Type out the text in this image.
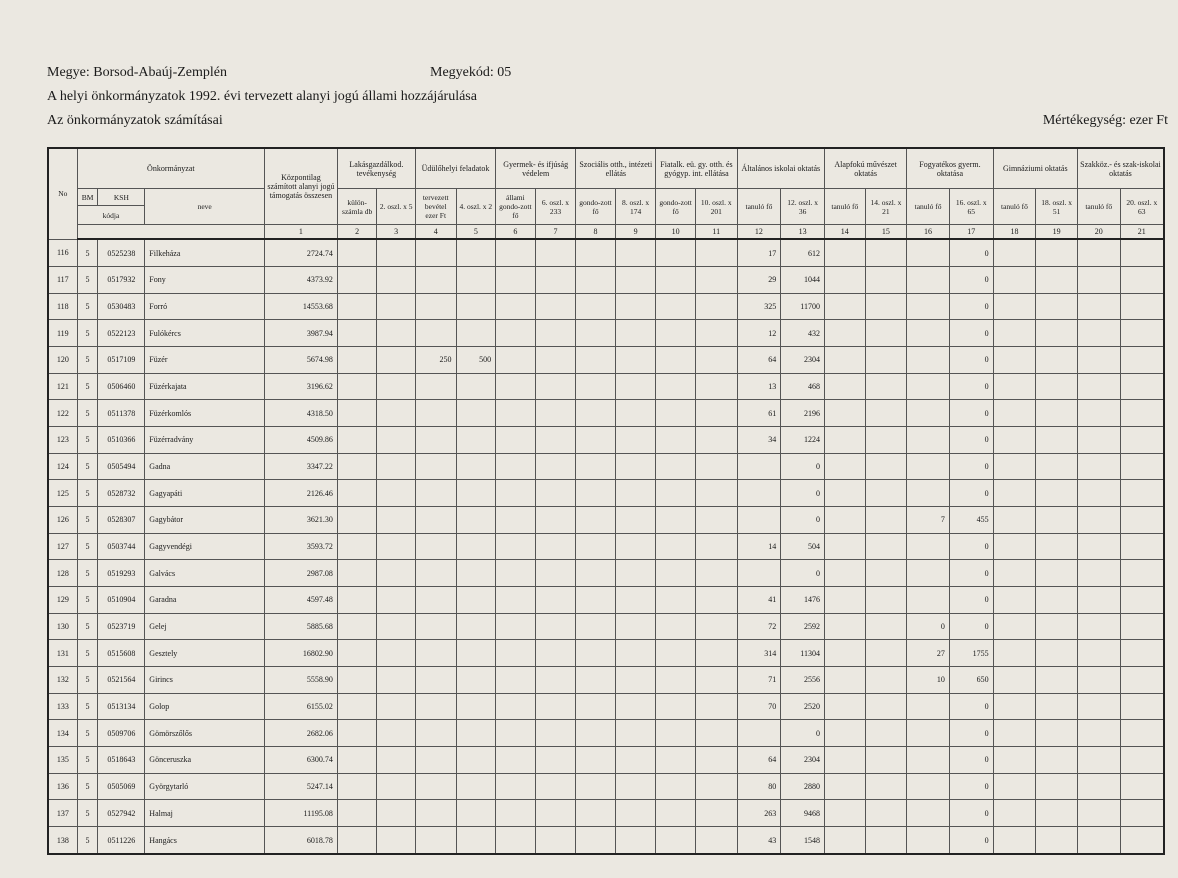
Megye: Borsod-Abaúj-Zemplén	Megyekód: 05
A helyi önkormányzatok 1992. évi tervezett alanyi jogú állami hozzájárulása
Az önkormányzatok számításai	Mértékegység: ezer Ft
No	Önkormányzat			Központilag számított alanyi jogú támogatás összesen	Lakásgazdálkod. tevékenység		Üdülőhelyi feladatok		Gyermek- és ifjúság védelem		Szociális otth., intézeti ellátás		Fiatalk. eü. gy. otth. és gyógyp. int. ellátása		Általános iskolai oktatás		Alapfokú művészet oktatás		Fogyatékos gyerm. oktatása		Gimnáziumi oktatás		Szakköz.- és szak-iskolai oktatás	
	BM	KSH	neve		külön-számla db	2. oszl. x 5	tervezett bevétel ezer Ft	4. oszl. x 2	állami gondo-zott fő	6. oszl. x 233	gondo-zott fő	8. oszl. x 174	gondo-zott fő	10. oszl. x 201	tanuló fő	12. oszl. x 36	tanuló fő	14. oszl. x 21	tanuló fő	16. oszl. x 65	tanuló fő	18. oszl. x 51	tanuló fő	20. oszl. x 63
	kódja																							
				1	2	3	4	5	6	7	8	9	10	11	12	13	14	15	16	17	18	19	20	21
116	5	0525238	Filkeháza	2724.74											17	612				0				
117	5	0517932	Fony	4373.92											29	1044				0				
118	5	0530483	Forró	14553.68											325	11700				0				
119	5	0522123	Fulókércs	3987.94											12	432				0				
120	5	0517109	Füzér	5674.98			250	500							64	2304				0				
121	5	0506460	Füzérkajata	3196.62											13	468				0				
122	5	0511378	Füzérkomlós	4318.50											61	2196				0				
123	5	0510366	Füzérradvány	4509.86											34	1224				0				
124	5	0505494	Gadna	3347.22												0				0				
125	5	0528732	Gagyapáti	2126.46												0				0				
126	5	0528307	Gagybátor	3621.30												0			7	455				
127	5	0503744	Gagyvendégi	3593.72											14	504				0				
128	5	0519293	Galvács	2987.08												0				0				
129	5	0510904	Garadna	4597.48											41	1476				0				
130	5	0523719	Gelej	5885.68											72	2592			0	0				
131	5	0515608	Gesztely	16802.90											314	11304			27	1755				
132	5	0521564	Girincs	5558.90											71	2556			10	650				
133	5	0513134	Golop	6155.02											70	2520				0				
134	5	0509706	Gömörszőlős	2682.06												0				0				
135	5	0518643	Gönceruszka	6300.74											64	2304				0				
136	5	0505069	Györgytarló	5247.14											80	2880				0				
137	5	0527942	Halmaj	11195.08											263	9468				0				
138	5	0511226	Hangács	6018.78											43	1548				0				
